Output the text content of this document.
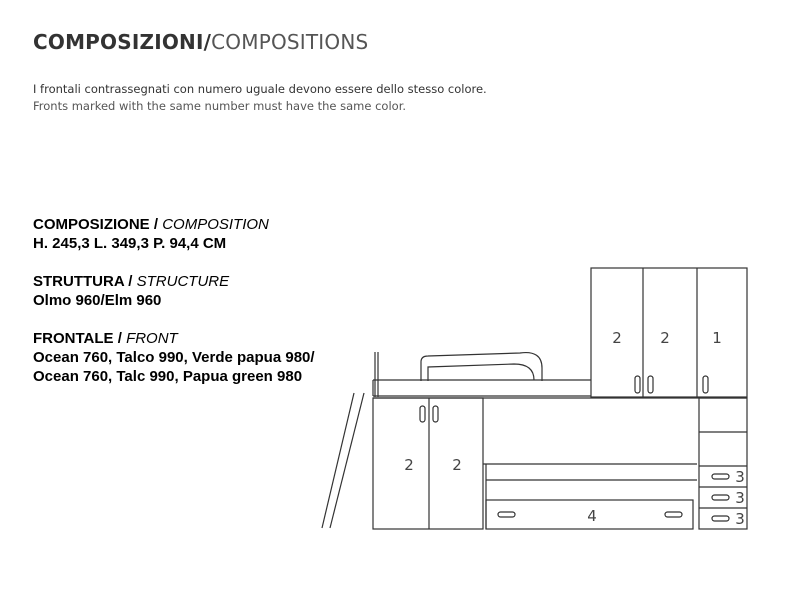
COMPOSIZIONI/COMPOSITIONS
I frontali contrassegnati con numero uguale devono essere dello stesso colore.
Fronts marked with the same number must have the same color.
COMPOSIZIONE / COMPOSITION
H. 245,3 L. 349,3 P. 94,4 CM
STRUTTURA / STRUCTURE
Olmo 960/Elm 960
FRONTALE / FRONT
Ocean 760, Talco 990, Verde papua 980/
Ocean 760, Talc 990, Papua green 980
2	2	1
2	2
4
3
3
3
